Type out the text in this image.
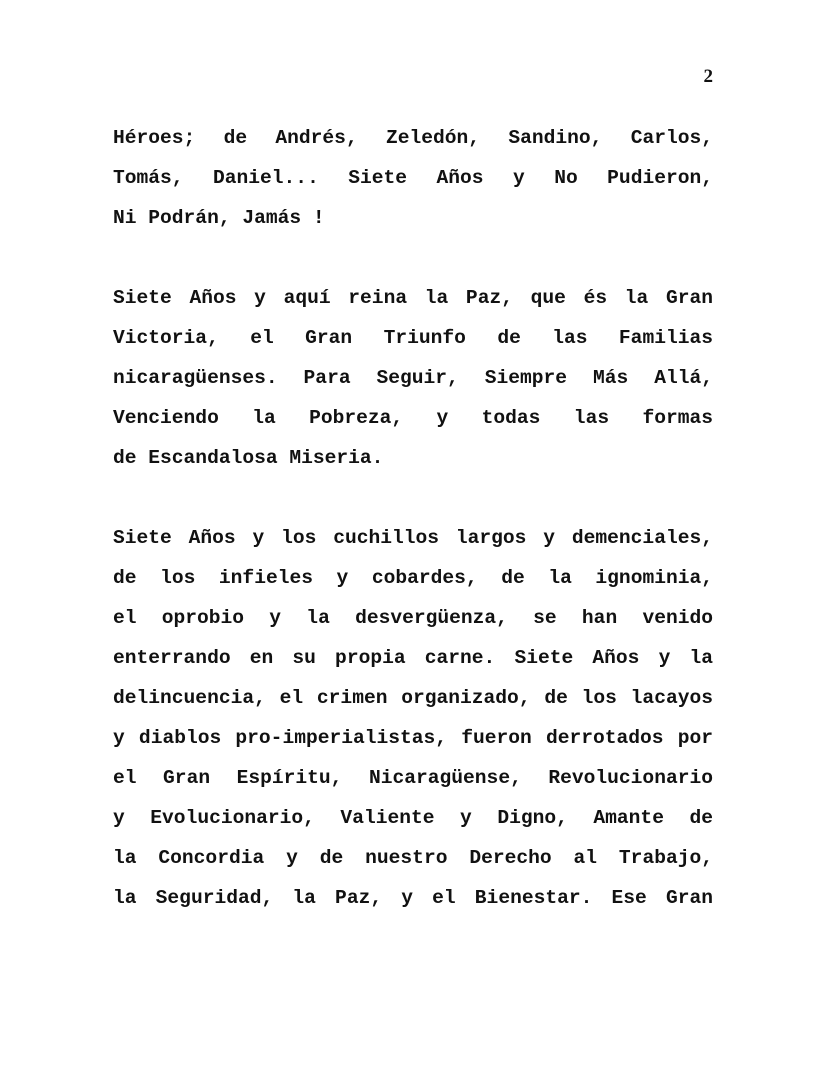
2

Héroes; de Andrés, Zeledón, Sandino, Carlos,
Tomás, Daniel... Siete Años y No Pudieron,
Ni Podrán, Jamás !

Siete Años y aquí reina la Paz, que és la Gran
Victoria, el Gran Triunfo de las Familias
nicaragüenses. Para Seguir, Siempre Más Allá,
Venciendo la Pobreza, y todas las formas
de Escandalosa Miseria.

Siete Años y los cuchillos largos y demenciales,
de los infieles y cobardes, de la ignominia,
el oprobio y la desvergüenza, se han venido
enterrando en su propia carne. Siete Años y la
delincuencia, el crimen organizado, de los lacayos
y diablos pro-imperialistas, fueron derrotados por
el Gran Espíritu, Nicaragüense, Revolucionario
y Evolucionario, Valiente y Digno, Amante de
la Concordia y de nuestro Derecho al Trabajo,
la Seguridad, la Paz, y el Bienestar. Ese Gran
